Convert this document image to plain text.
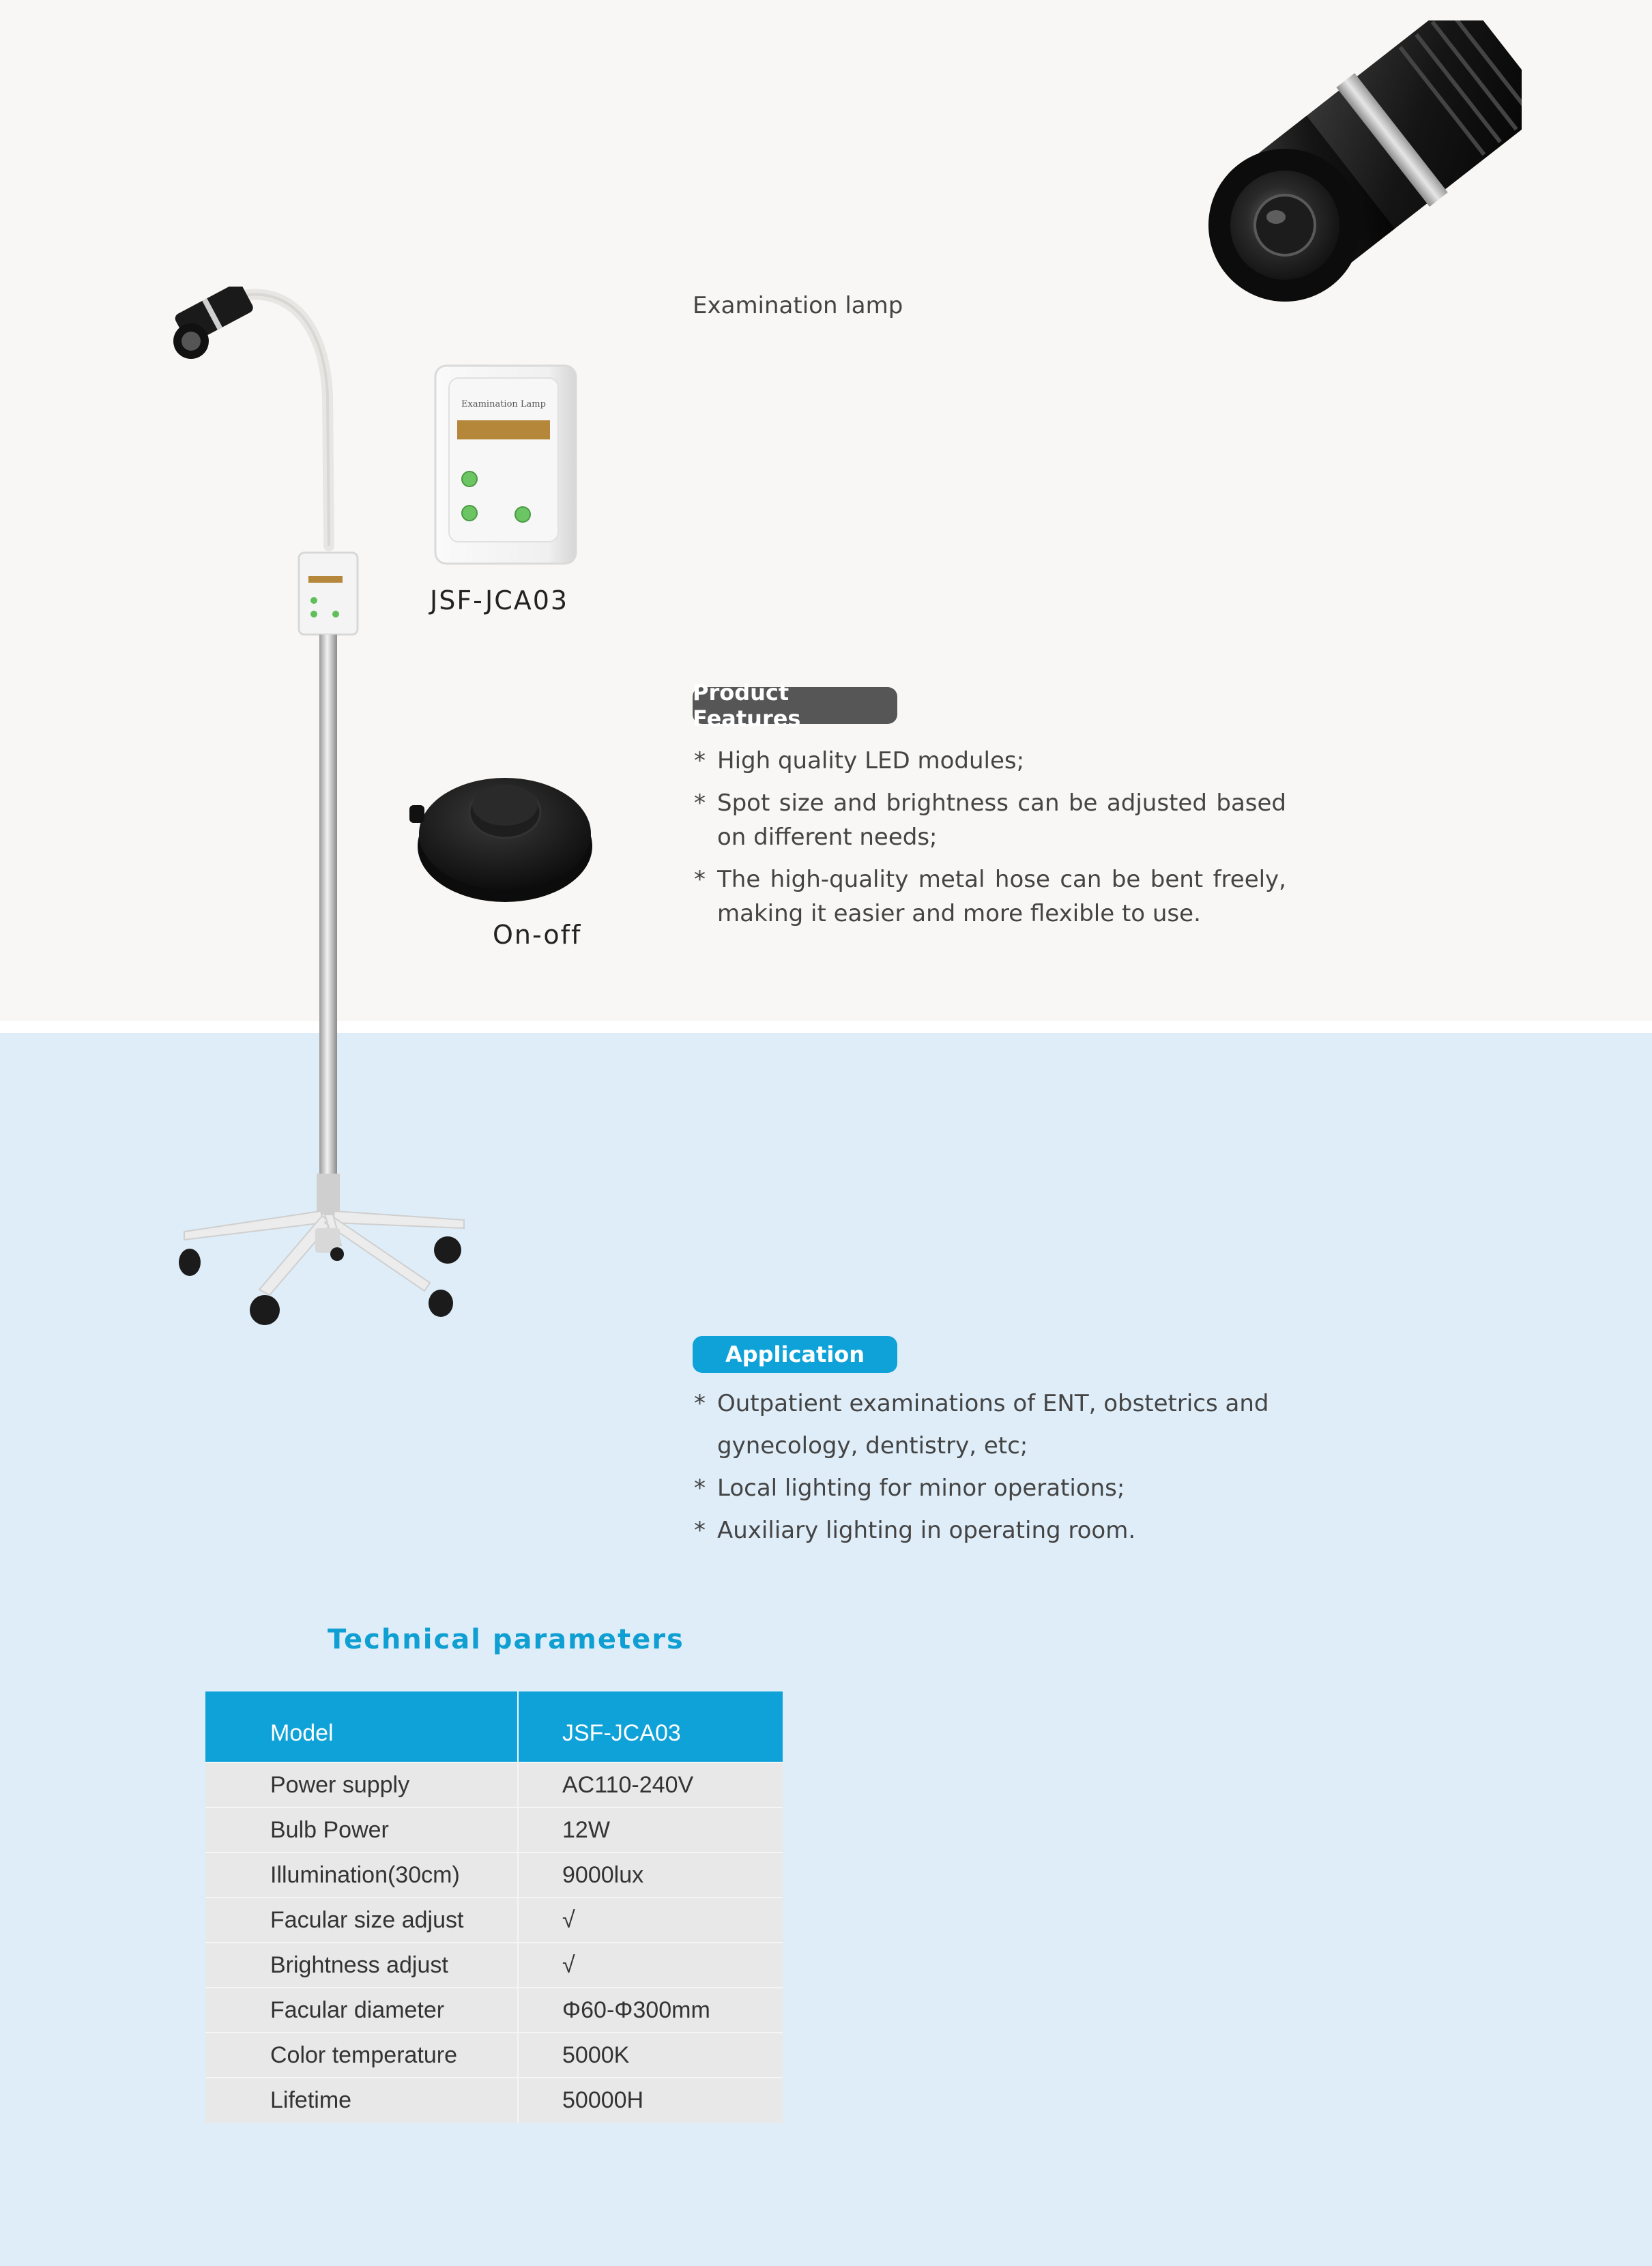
Examination Lamp
JSF-JCA03
On-off
Examination lamp
Product Features
* High quality LED modules;
* Spot size and brightness can be adjusted based on different needs;
* The high-quality metal hose can be bent freely, making it easier and more flexible to use.
Application
* Outpatient examinations of ENT, obstetrics and gynecology, dentistry, etc;
* Local lighting for minor operations;
* Auxiliary lighting in operating room.
Technical parameters
Model	JSF-JCA03
Power supply	AC110-240V
Bulb Power	12W
Illumination(30cm)	9000lux
Facular size adjust	√
Brightness adjust	√
Facular diameter	Φ60-Φ300mm
Color temperature	5000K
Lifetime	50000H
